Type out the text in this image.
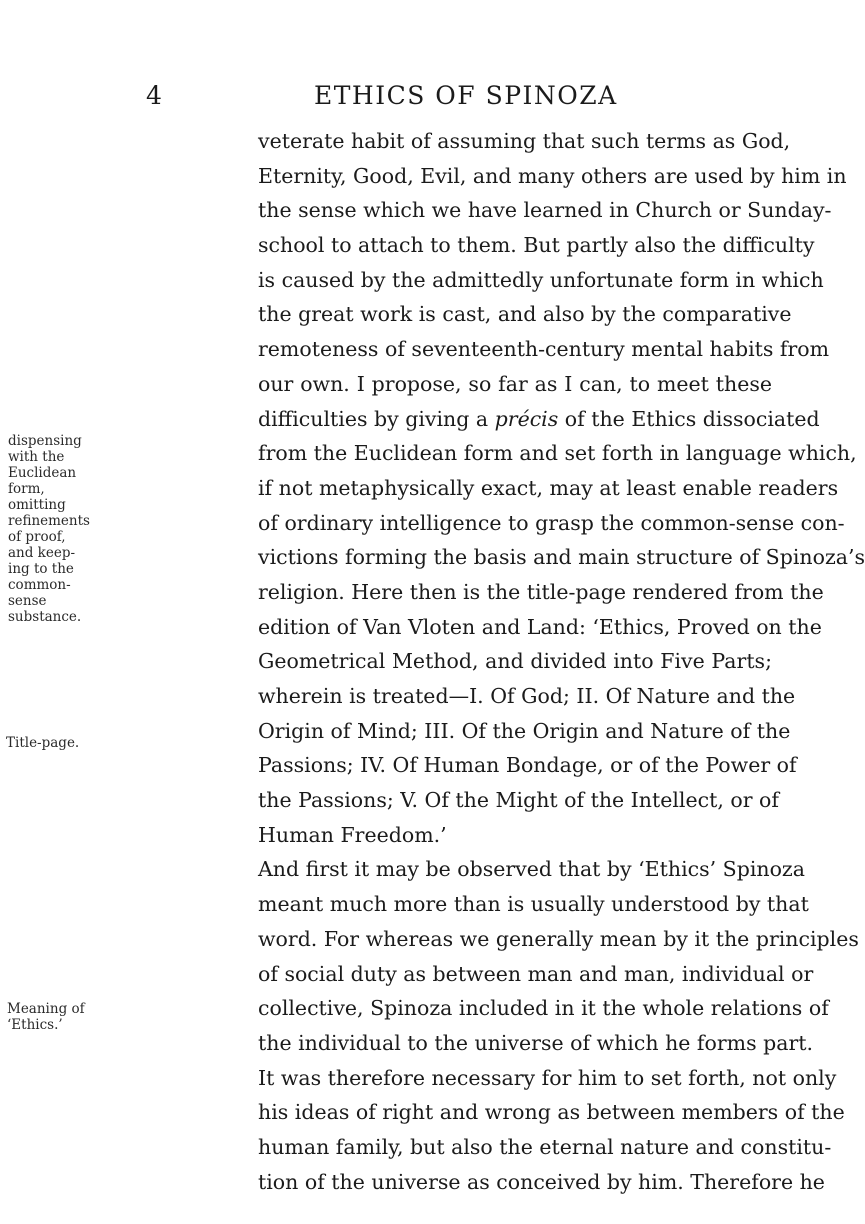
4	ETHICS OF SPINOZA
veterate habit of assuming that such terms as God,
Eternity, Good, Evil, and many others are used by him in
the sense which we have learned in Church or Sunday-
school to attach to them. But partly also the difficulty
is caused by the admittedly unfortunate form in which
the great work is cast, and also by the comparative
remoteness of seventeenth-century mental habits from
our own. I propose, so far as I can, to meet these
difficulties by giving a précis of the Ethics dissociated
from the Euclidean form and set forth in language which,
if not metaphysically exact, may at least enable readers
of ordinary intelligence to grasp the common-sense con-
victions forming the basis and main structure of Spinoza’s
religion. Here then is the title-page rendered from the
edition of Van Vloten and Land: ‘Ethics, Proved on the
Geometrical Method, and divided into Five Parts;
wherein is treated—I. Of God; II. Of Nature and the
Origin of Mind; III. Of the Origin and Nature of the
Passions; IV. Of Human Bondage, or of the Power of
the Passions; V. Of the Might of the Intellect, or of
Human Freedom.’
And first it may be observed that by ‘Ethics’ Spinoza
meant much more than is usually understood by that
word. For whereas we generally mean by it the principles
of social duty as between man and man, individual or
collective, Spinoza included in it the whole relations of
the individual to the universe of which he forms part.
It was therefore necessary for him to set forth, not only
his ideas of right and wrong as between members of the
human family, but also the eternal nature and constitu-
tion of the universe as conceived by him. Therefore he
dispensing
with the
Euclidean
form,
omitting
refinements
of proof,
and keep-
ing to the
common-
sense
substance.
Title-page.
Meaning of
‘Ethics.’
